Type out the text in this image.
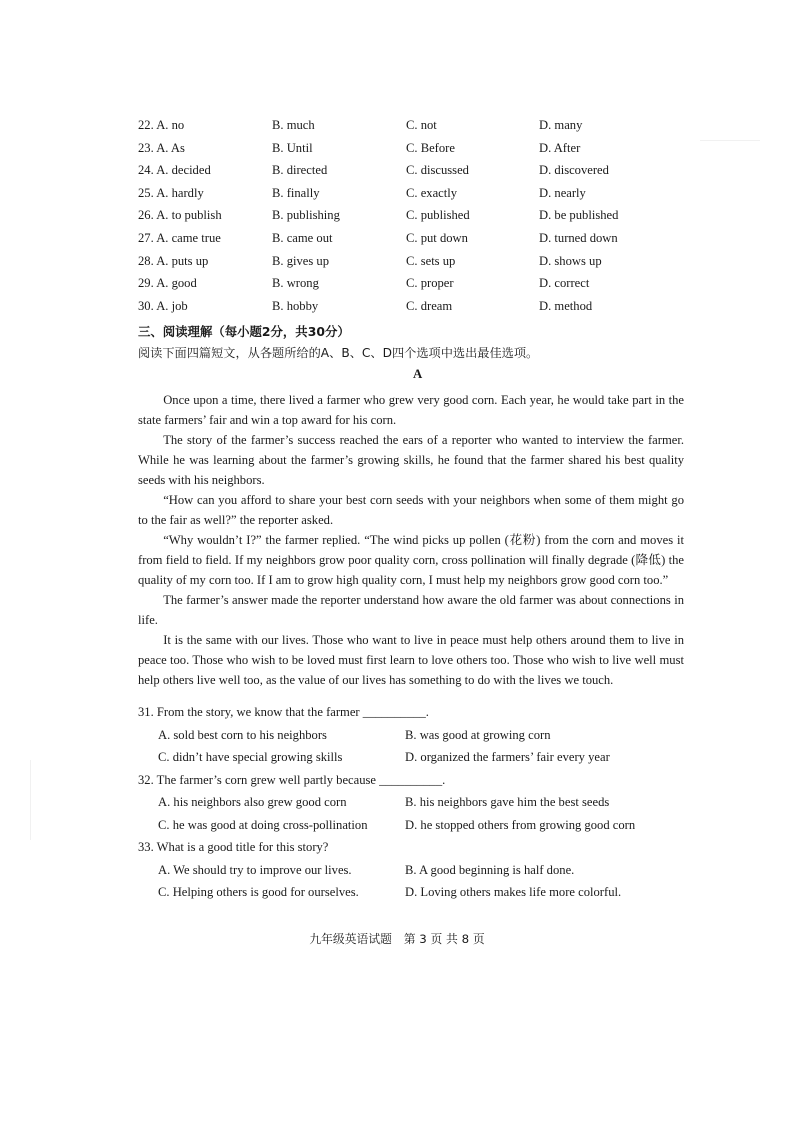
22. A. no	B. much	C. not	D. many
23. A. As	B. Until	C. Before	D. After
24. A. decided	B. directed	C. discussed	D. discovered
25. A. hardly	B. finally	C. exactly	D. nearly
26. A. to publish	B. publishing	C. published	D. be published
27. A. came true	B. came out	C. put down	D. turned down
28. A. puts up	B. gives up	C. sets up	D. shows up
29. A. good	B. wrong	C. proper	D. correct
30. A. job	B. hobby	C. dream	D. method
三、阅读理解（每小题2分，共30分）
阅读下面四篇短文，从各题所给的A、B、C、D四个选项中选出最佳选项。
A

Once upon a time, there lived a farmer who grew very good corn. Each year, he would take part in the state farmers’ fair and win a top award for his corn.

The story of the farmer’s success reached the ears of a reporter who wanted to interview the farmer. While he was learning about the farmer’s growing skills, he found that the farmer shared his best quality seeds with his neighbors.

“How can you afford to share your best corn seeds with your neighbors when some of them might go to the fair as well?” the reporter asked.

“Why wouldn’t I?” the farmer replied. “The wind picks up pollen (花粉) from the corn and moves it from field to field. If my neighbors grow poor quality corn, cross pollination will finally degrade (降低) the quality of my corn too. If I am to grow high quality corn, I must help my neighbors grow good corn too.”

The farmer’s answer made the reporter understand how aware the old farmer was about connections in life.

It is the same with our lives. Those who want to live in peace must help others around them to live in peace too. Those who wish to be loved must first learn to love others too. Those who wish to live well must help others live well too, as the value of our lives has something to do with the lives we touch.

31. From the story, we know that the farmer __________.
A. sold best corn to his neighbors	B. was good at growing corn
C. didn’t have special growing skills	D. organized the farmers’ fair every year
32. The farmer’s corn grew well partly because __________.
A. his neighbors also grew good corn	B. his neighbors gave him the best seeds
C. he was good at doing cross-pollination	D. he stopped others from growing good corn
33. What is a good title for this story?
A. We should try to improve our lives.	B. A good beginning is half done.
C. Helping others is good for ourselves.	D. Loving others makes life more colorful.
九年级英语试题　第 3 页 共 8 页
